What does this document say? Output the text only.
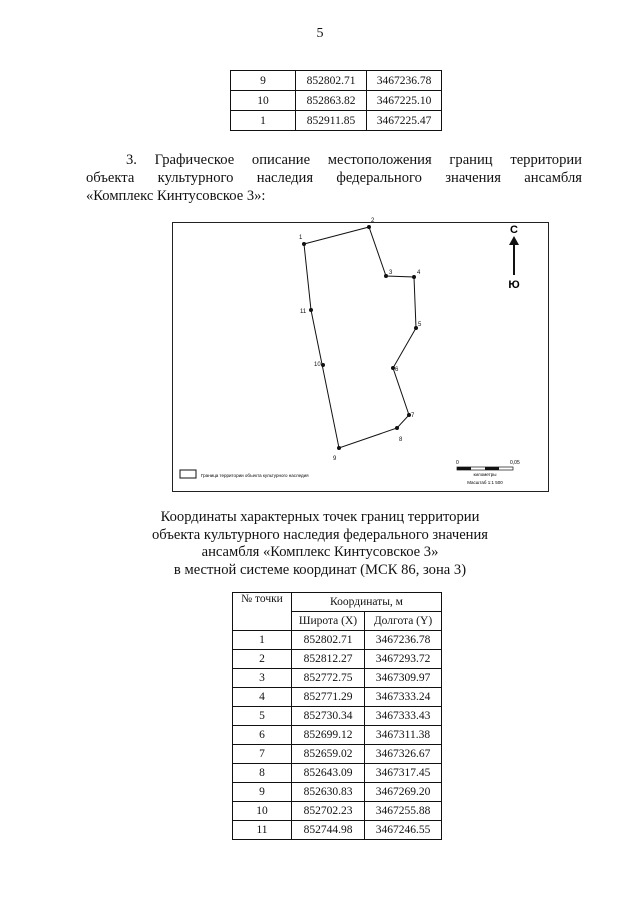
5
9	852802.71	3467236.78
10	852863.82	3467225.10
1	852911.85	3467225.47
3. Графическое описание местоположения границ территории
объекта культурного наследия федерального значения ансамбля
«Комплекс Кинтусовское 3»:
1
2
3	4
5
6
7
8
9
10
11
С
Ю
Граница территории объекта культурного наследия
0	0,05
километры
Масштаб 1:1 500
Координаты характерных точек границ территории
объекта культурного наследия федерального значения
ансамбля «Комплекс Кинтусовское 3»
в местной системе координат (МСК 86, зона 3)
№ точки	Координаты, м	
	Широта (X)	Долгота (Y)
1	852802.71	3467236.78
2	852812.27	3467293.72
3	852772.75	3467309.97
4	852771.29	3467333.24
5	852730.34	3467333.43
6	852699.12	3467311.38
7	852659.02	3467326.67
8	852643.09	3467317.45
9	852630.83	3467269.20
10	852702.23	3467255.88
11	852744.98	3467246.55
